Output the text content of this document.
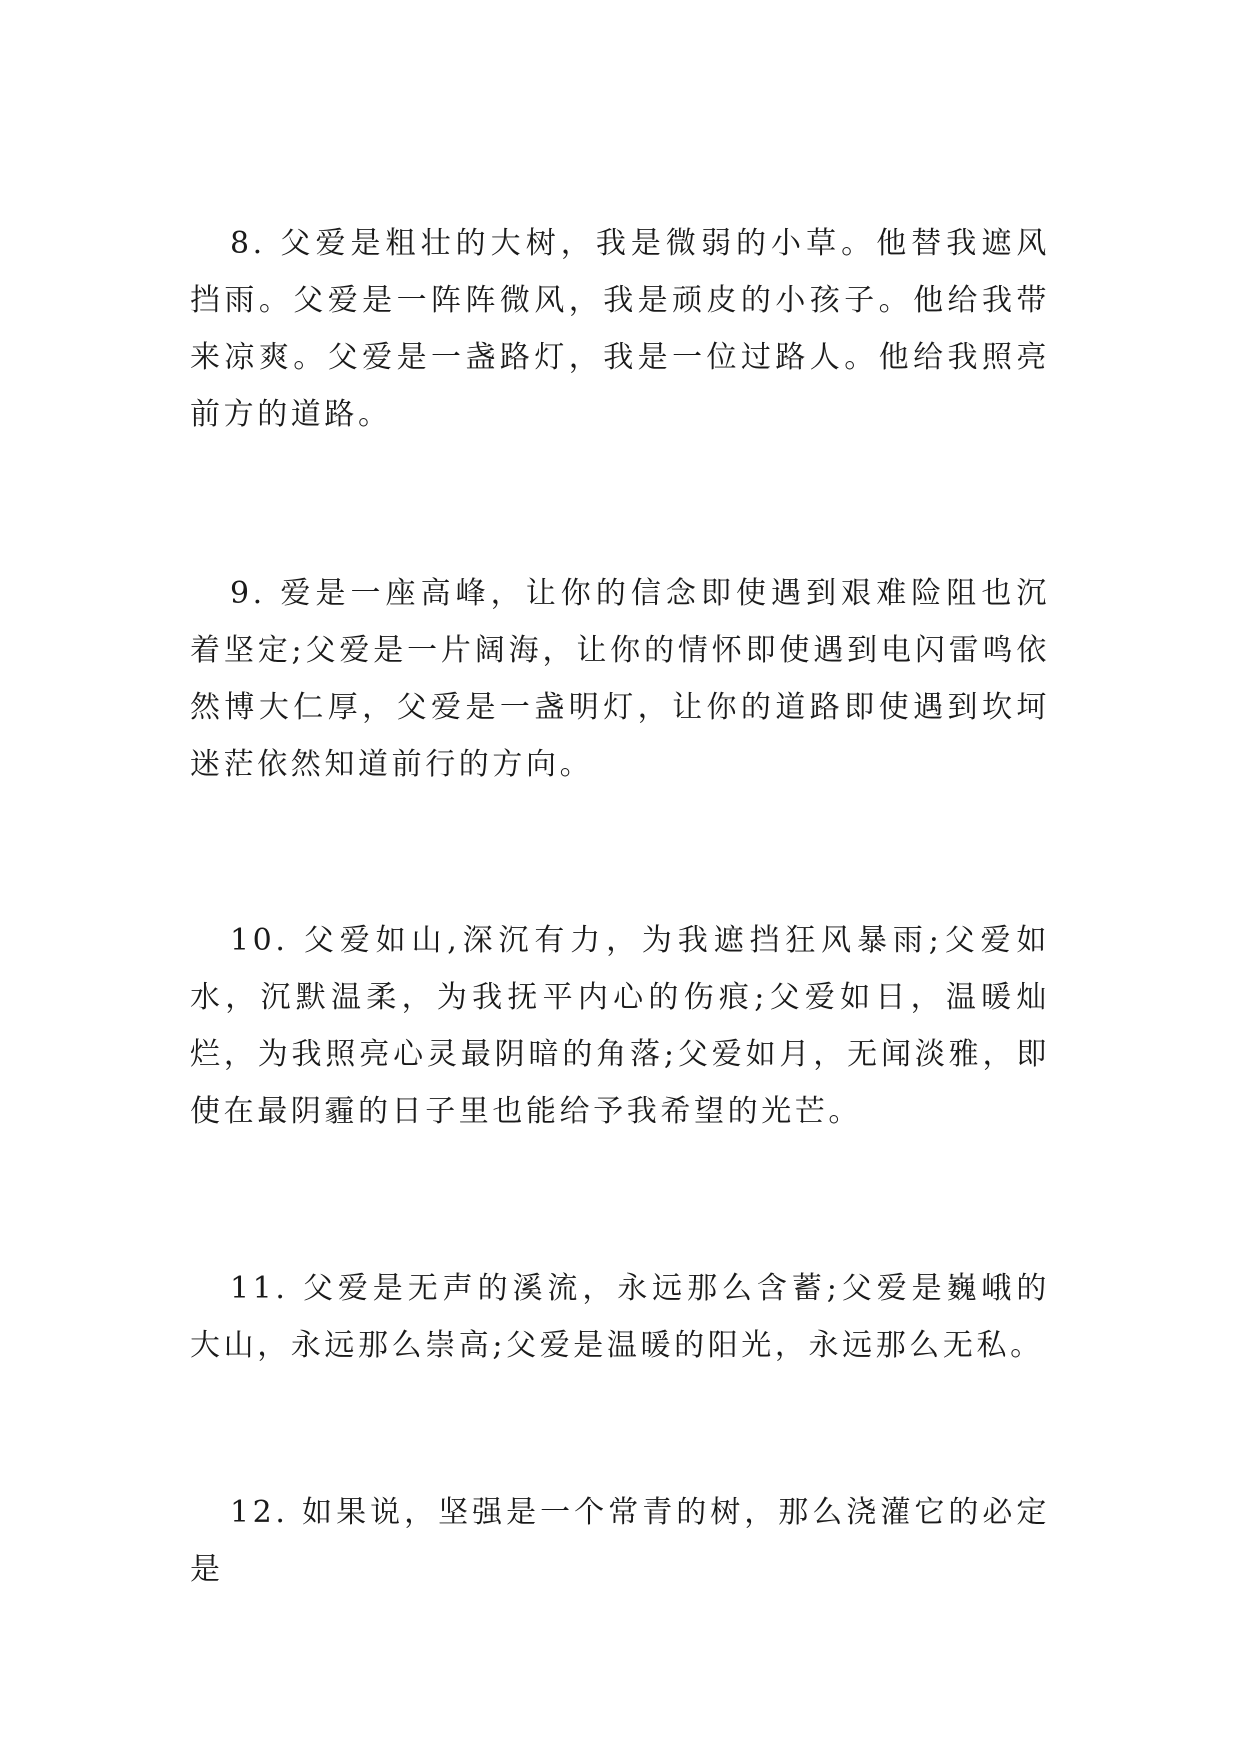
8. 父爱是粗壮的大树，我是微弱的小草。他替我遮风挡雨。父爱是一阵阵微风，我是顽皮的小孩子。他给我带来凉爽。父爱是一盏路灯，我是一位过路人。他给我照亮前方的道路。

9. 爱是一座高峰，让你的信念即使遇到艰难险阻也沉着坚定;父爱是一片阔海，让你的情怀即使遇到电闪雷鸣依然博大仁厚，父爱是一盏明灯，让你的道路即使遇到坎坷迷茫依然知道前行的方向。

10. 父爱如山,深沉有力，为我遮挡狂风暴雨;父爱如水，沉默温柔，为我抚平内心的伤痕;父爱如日，温暖灿烂，为我照亮心灵最阴暗的角落;父爱如月，无闻淡雅，即使在最阴霾的日子里也能给予我希望的光芒。

11. 父爱是无声的溪流，永远那么含蓄;父爱是巍峨的大山，永远那么崇高;父爱是温暖的阳光，永远那么无私。

12. 如果说，坚强是一个常青的树，那么浇灌它的必定是
